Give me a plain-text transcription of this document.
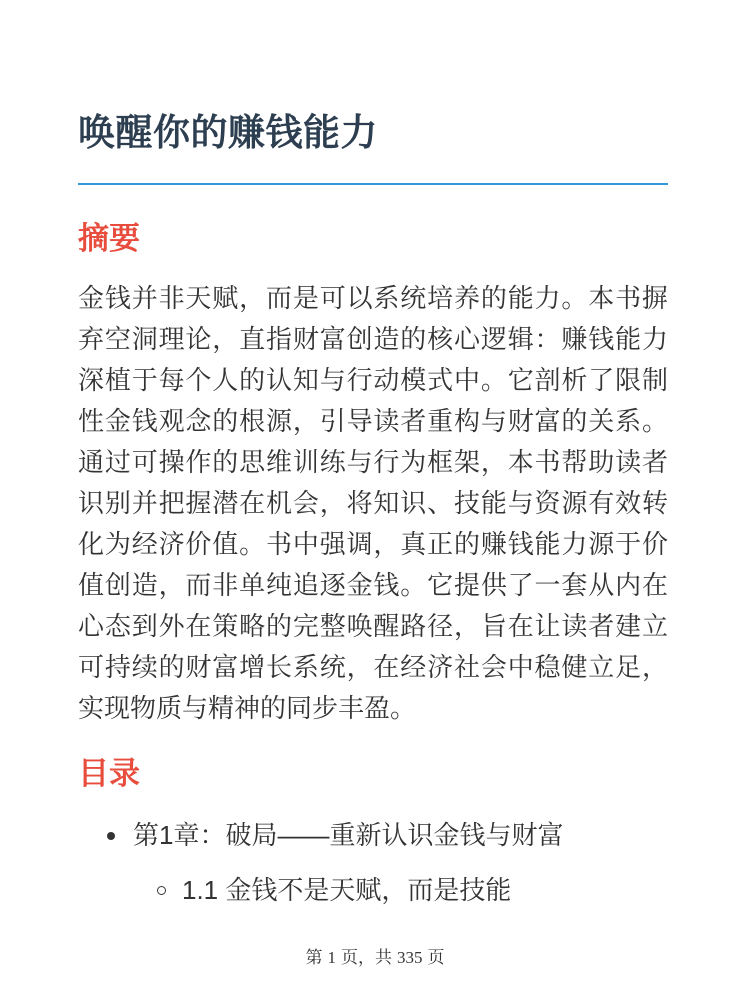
唤醒你的赚钱能力
摘要
金钱并非天赋，而是可以系统培养的能力。本书摒
弃空洞理论，直指财富创造的核心逻辑：赚钱能力
深植于每个人的认知与行动模式中。它剖析了限制
性金钱观念的根源，引导读者重构与财富的关系。
通过可操作的思维训练与行为框架，本书帮助读者
识别并把握潜在机会，将知识、技能与资源有效转
化为经济价值。书中强调，真正的赚钱能力源于价
值创造，而非单纯追逐金钱。它提供了一套从内在
心态到外在策略的完整唤醒路径，旨在让读者建立
可持续的财富增长系统，在经济社会中稳健立足，
实现物质与精神的同步丰盈。
目录
第1章：破局——重新认识金钱与财富
1.1 金钱不是天赋，而是技能
第 1 页，共 335 页
